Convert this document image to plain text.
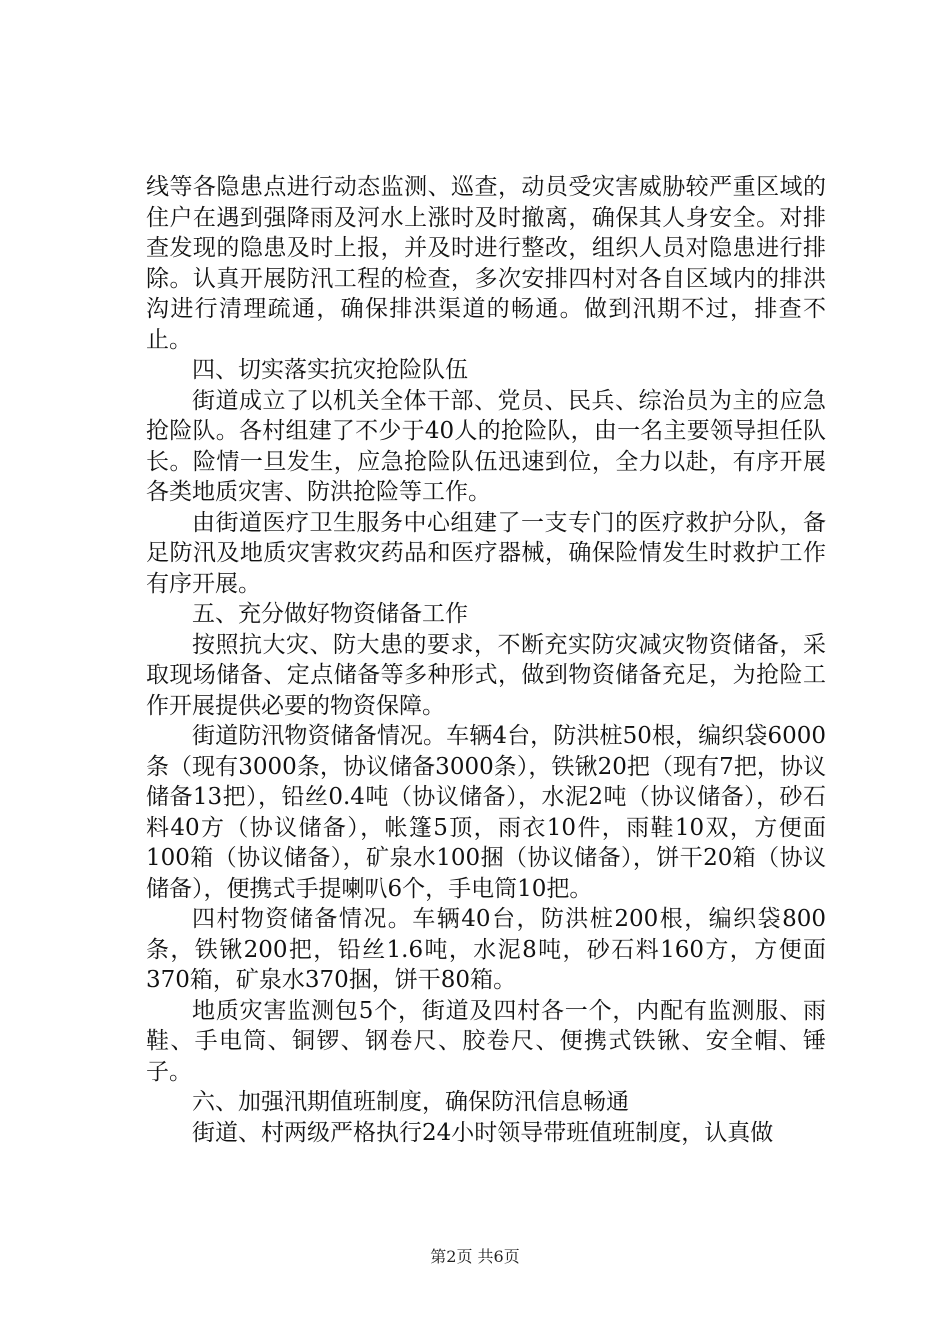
线等各隐患点进行动态监测、巡查，动员受灾害威胁较严重区域的住户在遇到强降雨及河水上涨时及时撤离，确保其人身安全。对排查发现的隐患及时上报，并及时进行整改，组织人员对隐患进行排除。认真开展防汛工程的检查，多次安排四村对各自区域内的排洪沟进行清理疏通，确保排洪渠道的畅通。做到汛期不过，排查不止。

四、切实落实抗灾抢险队伍

街道成立了以机关全体干部、党员、民兵、综治员为主的应急抢险队。各村组建了不少于40人的抢险队，由一名主要领导担任队长。险情一旦发生，应急抢险队伍迅速到位，全力以赴，有序开展各类地质灾害、防洪抢险等工作。

由街道医疗卫生服务中心组建了一支专门的医疗救护分队，备足防汛及地质灾害救灾药品和医疗器械，确保险情发生时救护工作有序开展。

五、充分做好物资储备工作

按照抗大灾、防大患的要求，不断充实防灾减灾物资储备，采取现场储备、定点储备等多种形式，做到物资储备充足，为抢险工作开展提供必要的物资保障。

街道防汛物资储备情况。车辆4台，防洪桩50根，编织袋6000条（现有3000条，协议储备3000条），铁锹20把（现有7把，协议储备13把），铅丝0.4吨（协议储备），水泥2吨（协议储备），砂石料40方（协议储备），帐篷5顶，雨衣10件，雨鞋10双，方便面100箱（协议储备），矿泉水100捆（协议储备），饼干20箱（协议储备），便携式手提喇叭6个，手电筒10把。

四村物资储备情况。车辆40台，防洪桩200根，编织袋800条，铁锹200把，铅丝1.6吨，水泥8吨，砂石料160方，方便面370箱，矿泉水370捆，饼干80箱。

地质灾害监测包5个，街道及四村各一个，内配有监测服、雨鞋、手电筒、铜锣、钢卷尺、胶卷尺、便携式铁锹、安全帽、锤子。

六、加强汛期值班制度，确保防汛信息畅通

街道、村两级严格执行24小时领导带班值班制度，认真做

第2页 共6页
